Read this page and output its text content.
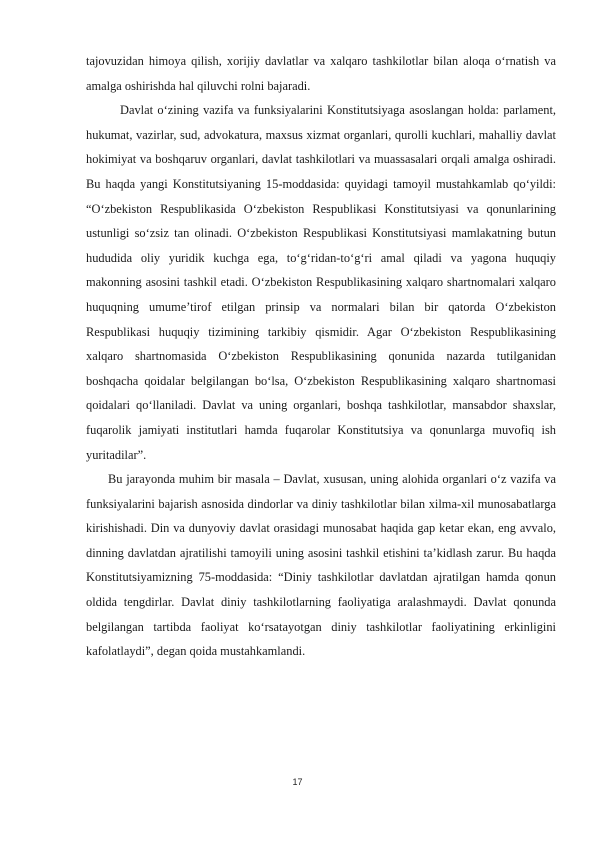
tajovuzidan himoya qilish, xorijiy davlatlar va xalqaro tashkilotlar bilan aloqa o‘rnatish va amalga oshirishda hal qiluvchi rolni bajaradi.

Davlat o‘zining vazifa va funksiyalarini Konstitutsiyaga asoslangan holda: parlament, hukumat, vazirlar, sud, advokatura, maxsus xizmat organlari, qurolli kuchlari, mahalliy davlat hokimiyat va boshqaruv organlari, davlat tashkilotlari va muassasalari orqali amalga oshiradi. Bu haqda yangi Konstitutsiyaning 15-moddasida: quyidagi tamoyil mustahkamlab qo‘yildi: “O‘zbekiston Respublikasida O‘zbekiston Respublikasi Konstitutsiyasi va qonunlarining ustunligi so‘zsiz tan olinadi. O‘zbekiston Respublikasi Konstitutsiyasi mamlakatning butun hududida oliy yuridik kuchga ega, to‘g‘ridan-to‘g‘ri amal qiladi va yagona huquqiy makonning asosini tashkil etadi. O‘zbekiston Respublikasining xalqaro shartnomalari xalqaro huquqning umume’tirof etilgan prinsip va normalari bilan bir qatorda O‘zbekiston Respublikasi huquqiy tizimining tarkibiy qismidir. Agar O‘zbekiston Respublikasining xalqaro shartnomasida O‘zbekiston Respublikasining qonunida nazarda tutilganidan boshqacha qoidalar belgilangan bo‘lsa, O‘zbekiston Respublikasining xalqaro shartnomasi qoidalari qo‘llaniladi. Davlat va uning organlari, boshqa tashkilotlar, mansabdor shaxslar, fuqarolik jamiyati institutlari hamda fuqarolar Konstitutsiya va qonunlarga muvofiq ish yuritadilar”.

Bu jarayonda muhim bir masala – Davlat, xususan, uning alohida organlari o‘z vazifa va funksiyalarini bajarish asnosida dindorlar va diniy tashkilotlar bilan xilma-xil munosabatlarga kirishishadi. Din va dunyoviy davlat orasidagi munosabat haqida gap ketar ekan, eng avvalo, dinning davlatdan ajratilishi tamoyili uning asosini tashkil etishini ta’kidlash zarur. Bu haqda Konstitutsiyamizning 75-moddasida: “Diniy tashkilotlar davlatdan ajratilgan hamda qonun oldida tengdirlar. Davlat diniy tashkilotlarning faoliyatiga aralashmaydi. Davlat qonunda belgilangan tartibda faoliyat ko‘rsatayotgan diniy tashkilotlar faoliyatining erkinligini kafolatlaydi”, degan qoida mustahkamlandi.

17
